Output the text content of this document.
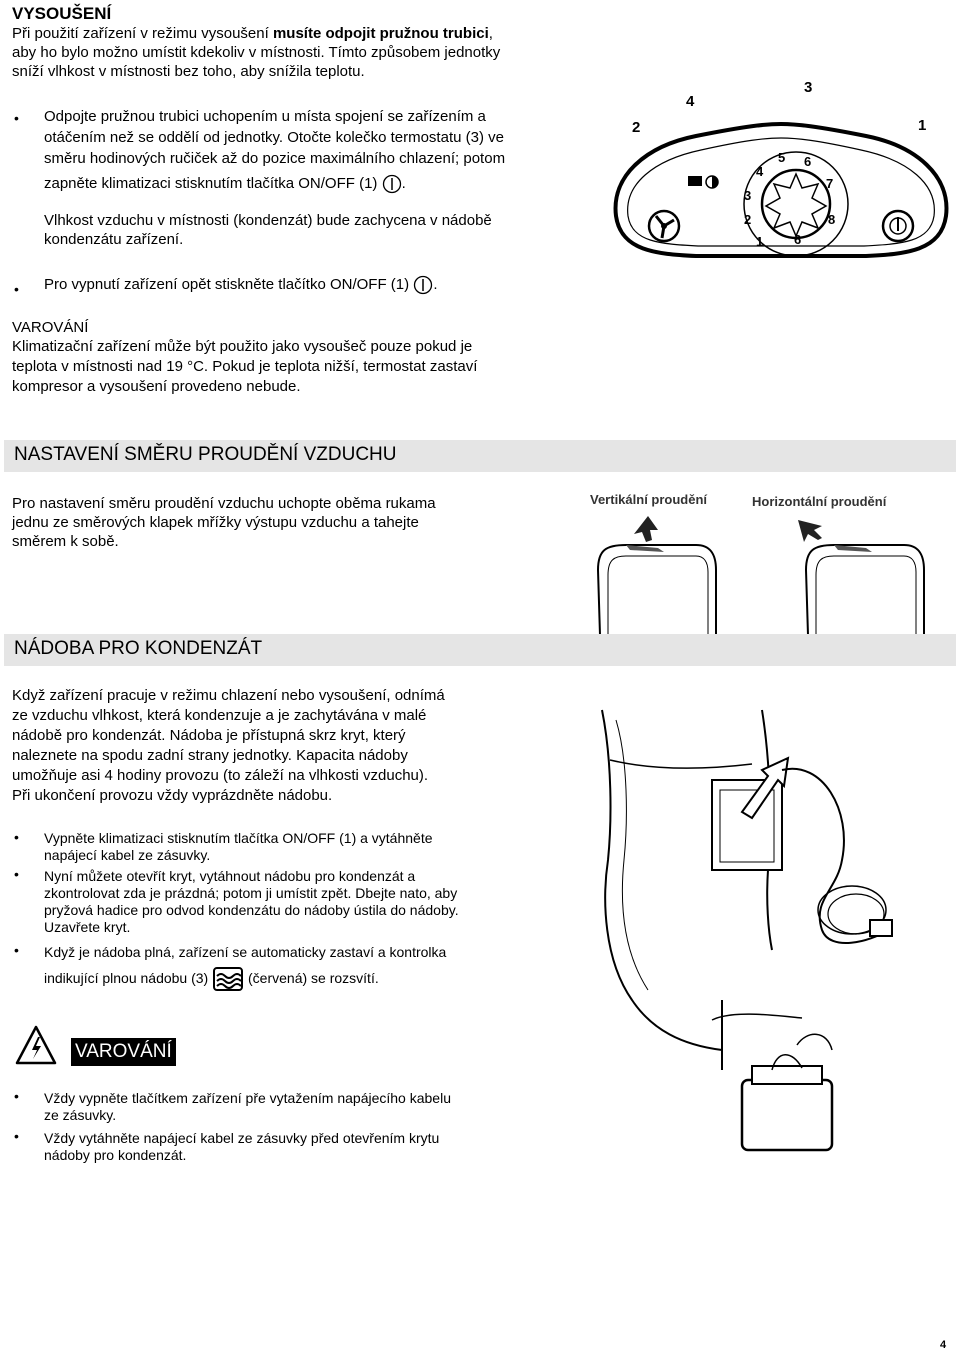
VYSOUŠENÍ

Při použití zařízení v režimu vysoušení musíte odpojit pružnou trubici,
aby ho bylo možno umístit kdekoliv v místnosti. Tímto způsobem jednotky
sníží vlhkost v místnosti bez toho, aby snížila teplotu.

• Odpojte pružnou trubici uchopením u místa spojení se zařízením a
otáčením než se oddělí od jednotky. Otočte kolečko termostatu (3) ve
směru hodinových ručiček až do pozice maximálního chlazení; potom

zapněte klimatizaci stisknutím tlačítka ON/OFF (1) .

Vlhkost vzduchu v místnosti (kondenzát) bude zachycena v nádobě
kondenzátu zařízení.

• Pro vypnutí zařízení opět stiskněte tlačítko ON/OFF (1) .
VAROVÁNÍ

Klimatizační zařízení může být použito jako vysoušeč pouze pokud je
teplota v místnosti nad 19 °C. Pokud je teplota nižší, termostat zastaví
kompresor a vysoušení provedeno nebude.

1
2
3
4
5 6
7
8
6
1
2
3
4
NASTAVENÍ SMĚRU PROUDĚNÍ VZDUCHU

Pro nastavení směru proudění vzduchu uchopte oběma rukama
jednu ze směrových klapek mřížky výstupu vzduchu a tahejte
směrem k sobě.

Vertikální proudění	Horizontální proudění
NÁDOBA PRO KONDENZÁT

Když zařízení pracuje v režimu chlazení nebo vysoušení, odnímá
ze vzduchu vlhkost, která kondenzuje a je zachytávána v malé
nádobě pro kondenzát. Nádoba je přístupná skrz kryt, který
naleznete na spodu zadní strany jednotky. Kapacita nádoby
umožňuje asi 4 hodiny provozu (to záleží na vlhkosti vzduchu).
Při ukončení provozu vždy vyprázdněte nádobu.

• Vypněte klimatizaci stisknutím tlačítka ON/OFF (1) a vytáhněte
napájecí kabel ze zásuvky.
• Nyní můžete otevřít kryt, vytáhnout nádobu pro kondenzát a
zkontrolovat zda je prázdná; potom ji umístit zpět. Dbejte nato, aby
pryžová hadice pro odvod kondenzátu do nádoby ústila do nádoby.
Uzavřete kryt.
• Když je nádoba plná, zařízení se automaticky zastaví a kontrolka
indikující plnou nádobu (3)	(červená) se rozsvítí.
VAROVÁNÍ
• Vždy vypněte tlačítkem zařízení pře vytažením napájecího kabelu
ze zásuvky.
• Vždy vytáhněte napájecí kabel ze zásuvky před otevřením krytu
nádoby pro kondenzát.
4
